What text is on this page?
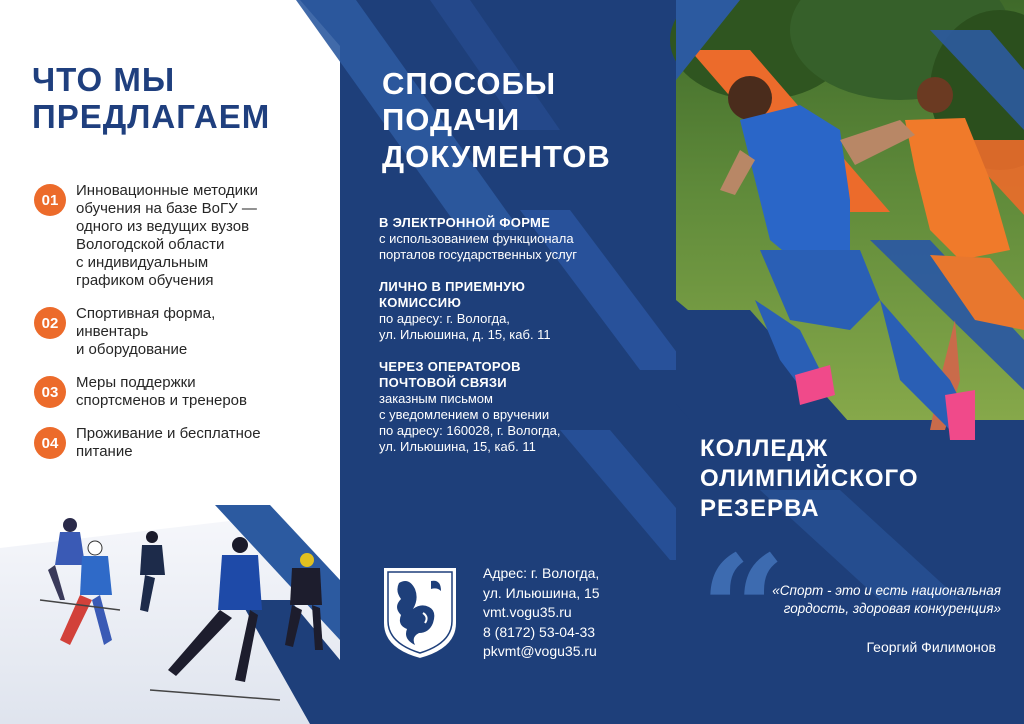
ЧТО МЫ
ПРЕДЛАГАЕМ
01
Инновационные методики
обучения на базе ВоГУ —
одного из ведущих вузов
Вологодской области
с индивидуальным
графиком обучения
02
Спортивная форма,
инвентарь
и оборудование
03
Меры поддержки
спортсменов и тренеров
04
Проживание и бесплатное
питание
СПОСОБЫ
ПОДАЧИ
ДОКУМЕНТОВ
В ЭЛЕКТРОННОЙ ФОРМЕ
с использованием функционала
порталов государственных услуг
ЛИЧНО В ПРИЕМНУЮ
КОМИССИЮ
по адресу: г. Вологда,
ул. Ильюшина, д. 15, каб. 11
ЧЕРЕЗ ОПЕРАТОРОВ
ПОЧТОВОЙ СВЯЗИ
заказным письмом
с уведомлением о вручении
по адресу: 160028, г. Вологда,
ул. Ильюшина, 15, каб. 11
Адрес: г. Вологда,
ул. Ильюшина, 15
vmt.vogu35.ru
8 (8172) 53-04-33
pkvmt@vogu35.ru
КОЛЛЕДЖ
ОЛИМПИЙСКОГО
РЕЗЕРВА
“
«Спорт - это и есть национальная
гордость, здоровая конкуренция»
Георгий Филимонов
